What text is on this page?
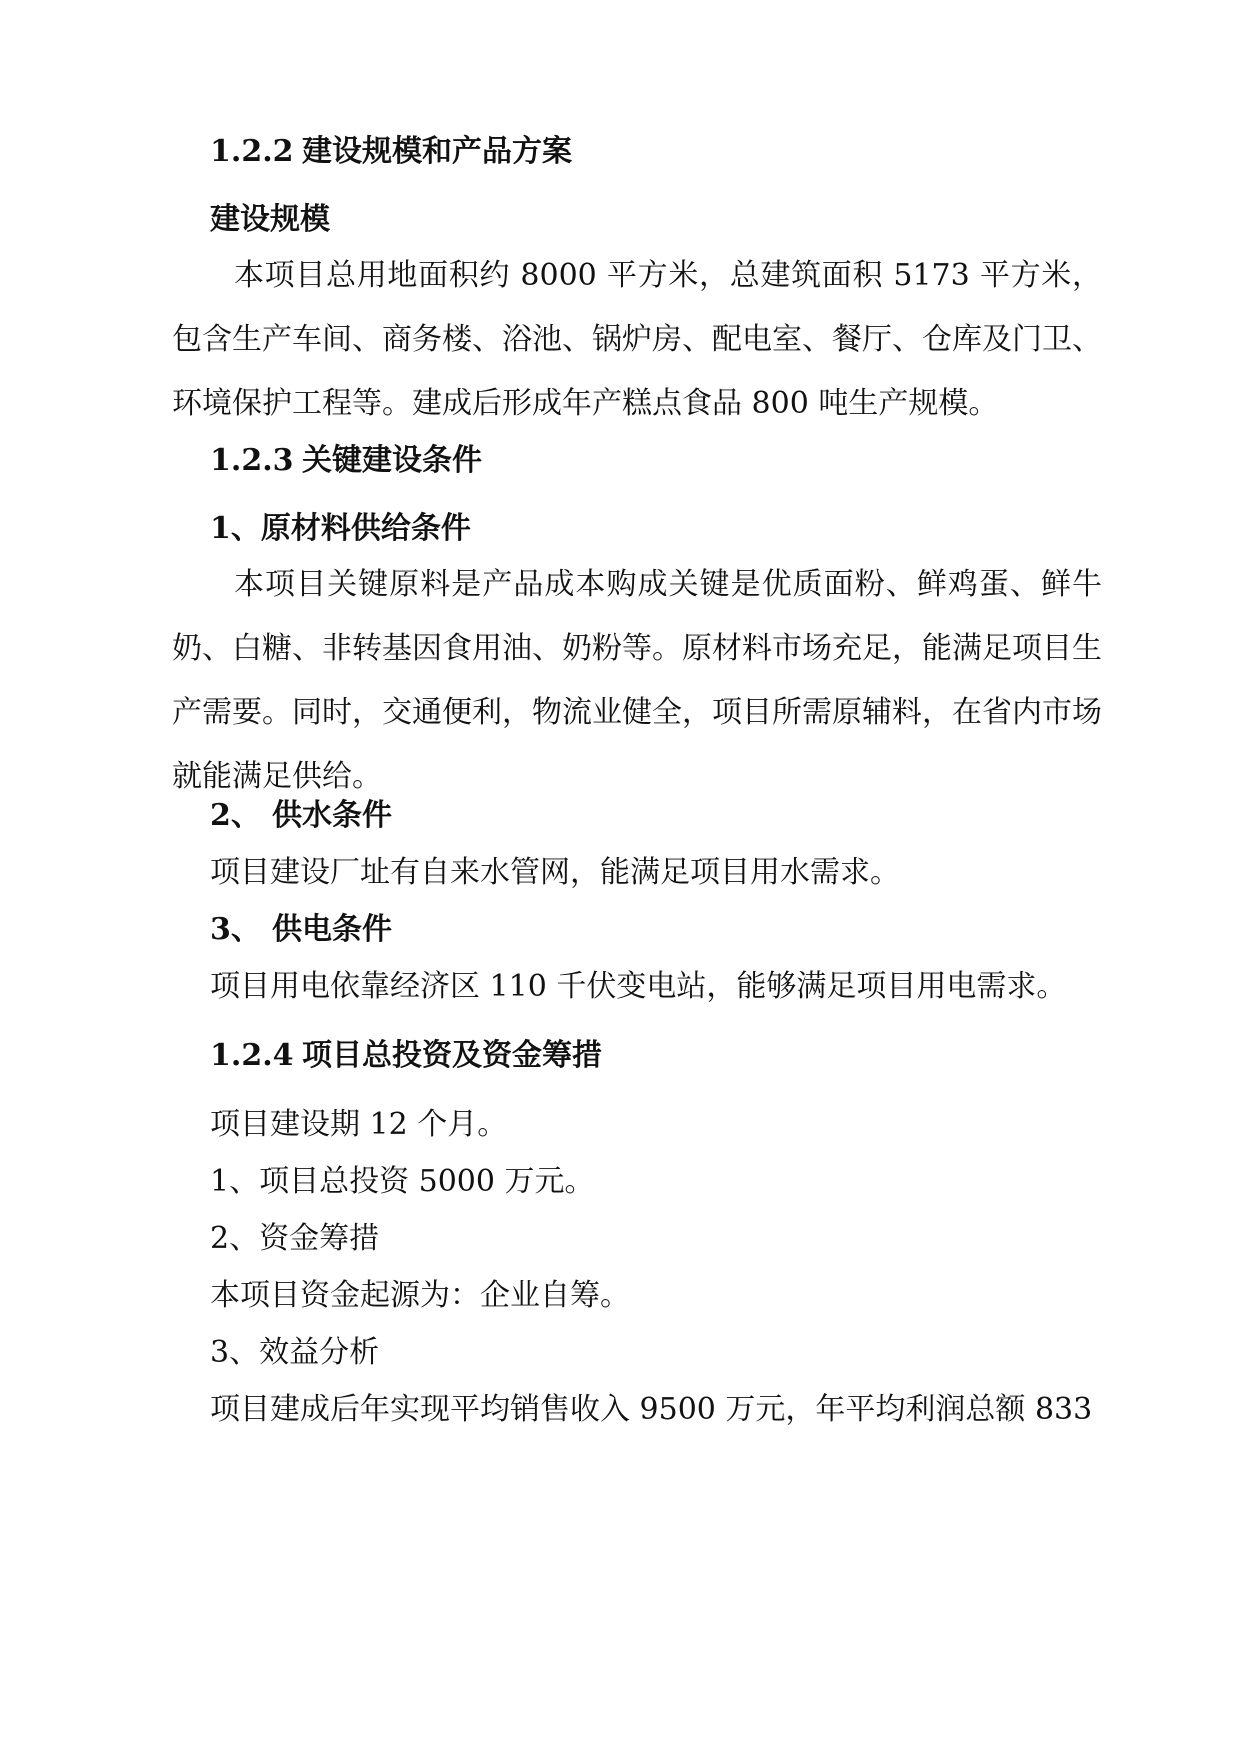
1.2.2 建设规模和产品方案
建设规模

本项目总用地面积约 8000 平方米，总建筑面积 5173 平方米，包含生产车间、商务楼、浴池、锅炉房、配电室、餐厅、仓库及门卫、环境保护工程等。建成后形成年产糕点食品 800 吨生产规模。

1.2.3 关键建设条件
1、原材料供给条件

本项目关键原料是产品成本购成关键是优质面粉、鲜鸡蛋、鲜牛奶、白糖、非转基因食用油、奶粉等。原材料市场充足，能满足项目生产需要。同时，交通便利，物流业健全，项目所需原辅料，在省内市场就能满足供给。

2、 供水条件
项目建设厂址有自来水管网，能满足项目用水需求。
3、 供电条件
项目用电依靠经济区 110 千伏变电站，能够满足项目用电需求。
1.2.4 项目总投资及资金筹措
项目建设期 12 个月。
1、项目总投资 5000 万元。
2、资金筹措
本项目资金起源为：企业自筹。
3、效益分析
项目建成后年实现平均销售收入 9500 万元，年平均利润总额 833
